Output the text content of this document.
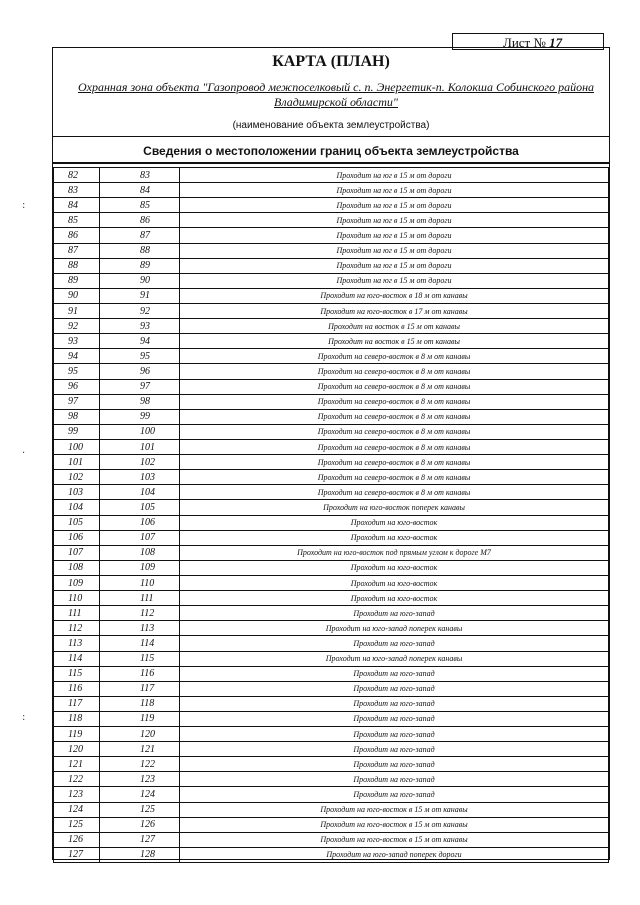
Лист № 17
КАРТА (ПЛАН)
Охранная зона объекта "Газопровод межпоселковый с. п. Энергетик-п. Колокша Собинского района Владимирской области"
(наименование объекта землеустройства)
Сведения о местоположении границ объекта землеустройства
82	83	Проходит на юг в 15 м от дороги
83	84	Проходит на юг в 15 м от дороги
84	85	Проходит на юг в 15 м от дороги
85	86	Проходит на юг в 15 м от дороги
86	87	Проходит на юг в 15 м от дороги
87	88	Проходит на юг в 15 м от дороги
88	89	Проходит на юг в 15 м от дороги
89	90	Проходит на юг в 15 м от дороги
90	91	Проходит на юго-восток в 18 м от канавы
91	92	Проходит на юго-восток в 17 м от канавы
92	93	Проходит на восток в 15 м от канавы
93	94	Проходит на восток в 15 м от канавы
94	95	Проходит на северо-восток в 8 м от канавы
95	96	Проходит на северо-восток в 8 м от канавы
96	97	Проходит на северо-восток в 8 м от канавы
97	98	Проходит на северо-восток в 8 м от канавы
98	99	Проходит на северо-восток в 8 м от канавы
99	100	Проходит на северо-восток в 8 м от канавы
100	101	Проходит на северо-восток в 8 м от канавы
101	102	Проходит на северо-восток в 8 м от канавы
102	103	Проходит на северо-восток в 8 м от канавы
103	104	Проходит на северо-восток в 8 м от канавы
104	105	Проходит на юго-восток поперек канавы
105	106	Проходит на юго-восток
106	107	Проходит на юго-восток
107	108	Проходит на юго-восток под прямым углом к дороге М7
108	109	Проходит на юго-восток
109	110	Проходит на юго-восток
110	111	Проходит на юго-восток
111	112	Проходит на юго-запад
112	113	Проходит на юго-запад поперек канавы
113	114	Проходит на юго-запад
114	115	Проходит на юго-запад поперек канавы
115	116	Проходит на юго-запад
116	117	Проходит на юго-запад
117	118	Проходит на юго-запад
118	119	Проходит на юго-запад
119	120	Проходит на юго-запад
120	121	Проходит на юго-запад
121	122	Проходит на юго-запад
122	123	Проходит на юго-запад
123	124	Проходит на юго-запад
124	125	Проходит на юго-восток в 15 м от канавы
125	126	Проходит на юго-восток в 15 м от канавы
126	127	Проходит на юго-восток в 15 м от канавы
127	128	Проходит на юго-запад поперек дороги
:
·
:
